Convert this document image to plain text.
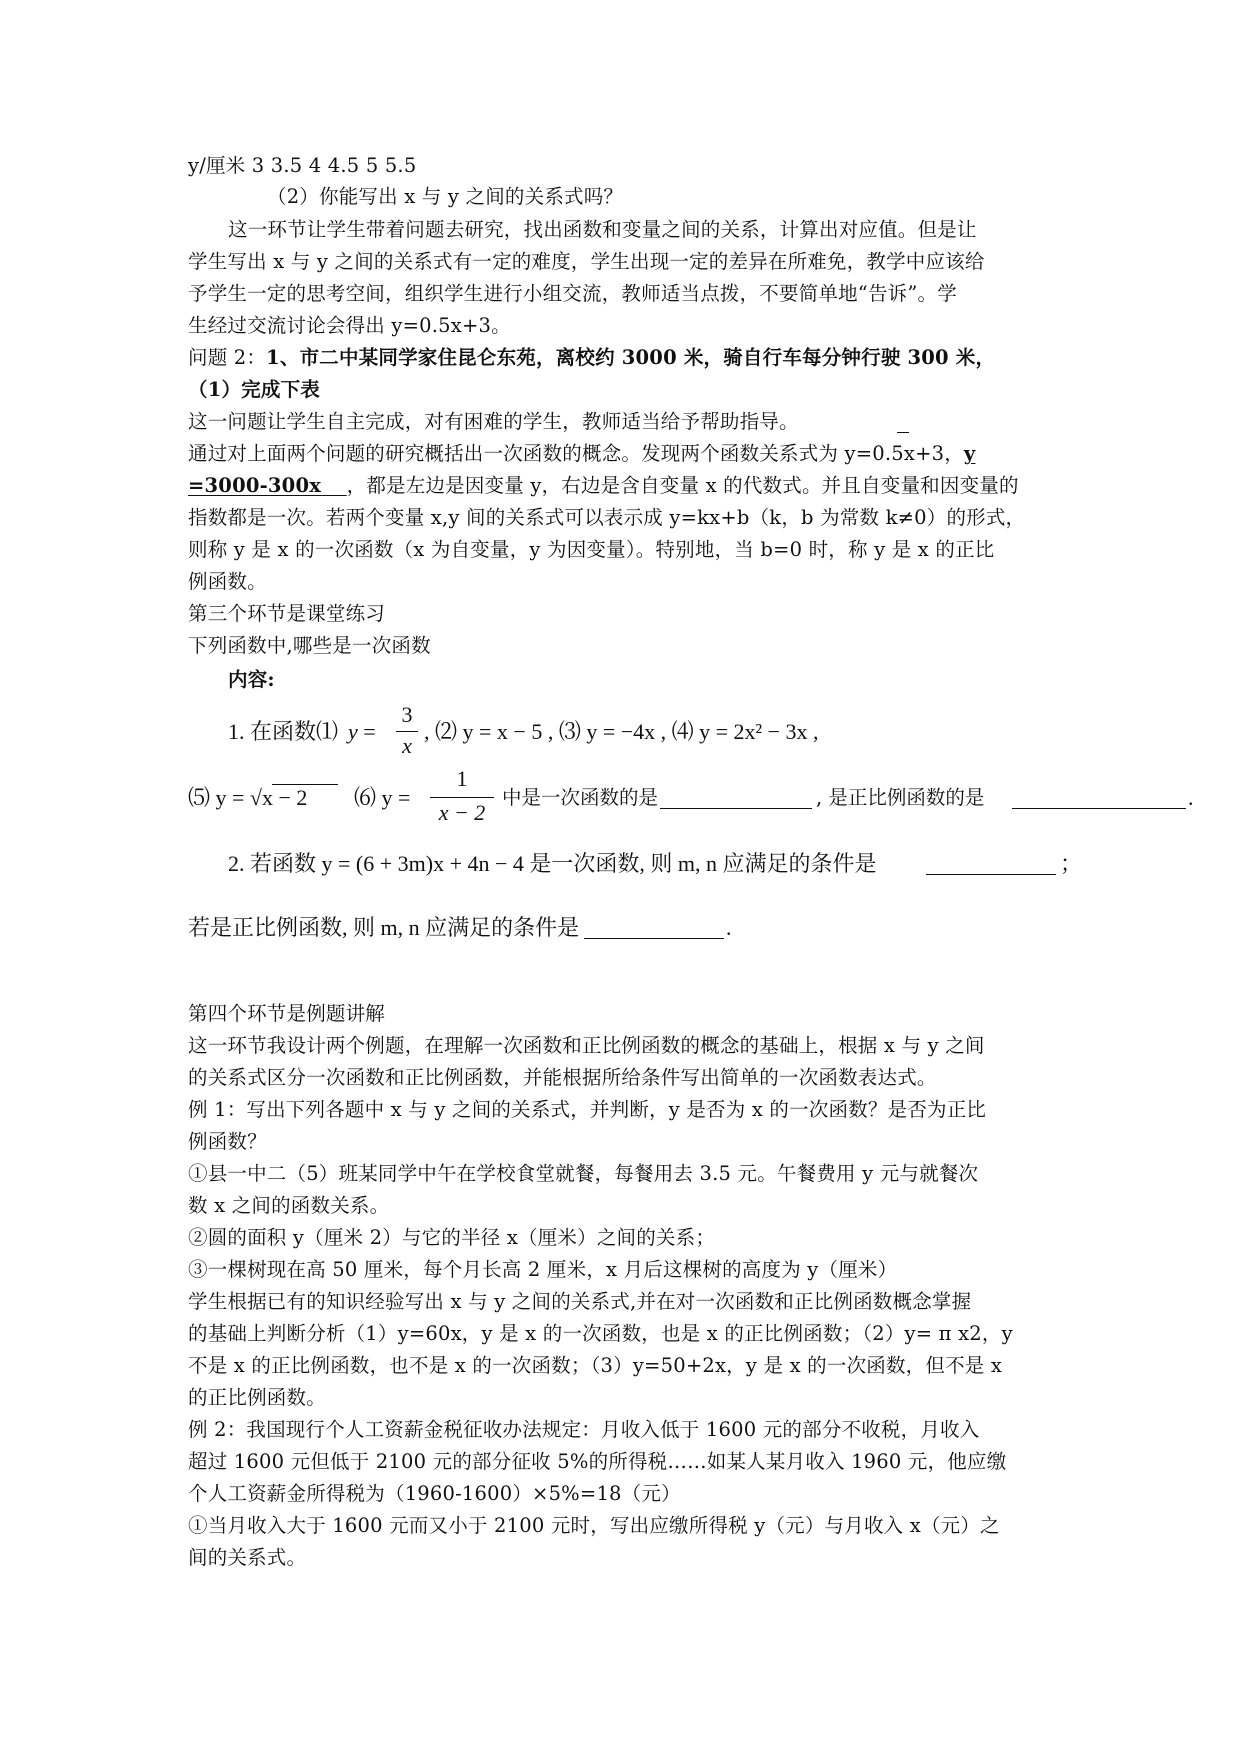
y/厘米 3 3.5 4 4.5 5 5.5
（2）你能写出 x 与 y 之间的关系式吗？
这一环节让学生带着问题去研究，找出函数和变量之间的关系，计算出对应值。但是让
学生写出 x 与 y 之间的关系式有一定的难度，学生出现一定的差异在所难免，教学中应该给
予学生一定的思考空间，组织学生进行小组交流，教师适当点拨，不要简单地“告诉”。学
生经过交流讨论会得出 y=0.5x+3。
问题 2：1、市二中某同学家住昆仑东苑，离校约 3000 米，骑自行车每分钟行驶 300 米，
（1）完成下表
这一问题让学生自主完成，对有困难的学生，教师适当给予帮助指导。
通过对上面两个问题的研究概括出一次函数的概念。发现两个函数关系式为 y=0.5x+3，y
=3000-300x ，都是左边是因变量 y，右边是含自变量 x 的代数式。并且自变量和因变量的
指数都是一次。若两个变量 x,y 间的关系式可以表示成 y=kx+b（k，b 为常数 k≠0）的形式，
则称 y 是 x 的一次函数（x 为自变量，y 为因变量）。特别地，当 b=0 时，称 y 是 x 的正比
例函数。
第三个环节是课堂练习
下列函数中,哪些是一次函数
内容:
1. 在函数⑴ y =
3
x
, ⑵ y = x − 5 , ⑶ y = −4x , ⑷ y = 2x² − 3x ,
⑸ y = √x − 2 ⑹ y =
1
x − 2
中是一次函数的是	, 是正比例函数的是	.
2. 若函数 y = (6 + 3m)x + 4n − 4 是一次函数, 则 m, n 应满足的条件是	；
若是正比例函数, 则 m, n 应满足的条件是	.
第四个环节是例题讲解
这一环节我设计两个例题，在理解一次函数和正比例函数的概念的基础上，根据 x 与 y 之间
的关系式区分一次函数和正比例函数，并能根据所给条件写出简单的一次函数表达式。
例 1：写出下列各题中 x 与 y 之间的关系式，并判断，y 是否为 x 的一次函数？是否为正比
例函数？
①县一中二（5）班某同学中午在学校食堂就餐，每餐用去 3.5 元。午餐费用 y 元与就餐次
数 x 之间的函数关系。
②圆的面积 y（厘米 2）与它的半径 x（厘米）之间的关系；
③一棵树现在高 50 厘米，每个月长高 2 厘米，x 月后这棵树的高度为 y（厘米）
学生根据已有的知识经验写出 x 与 y 之间的关系式,并在对一次函数和正比例函数概念掌握
的基础上判断分析（1）y=60x，y 是 x 的一次函数，也是 x 的正比例函数；（2）y= π x2，y
不是 x 的正比例函数，也不是 x 的一次函数；（3）y=50+2x，y 是 x 的一次函数，但不是 x
的正比例函数。
例 2：我国现行个人工资薪金税征收办法规定：月收入低于 1600 元的部分不收税，月收入
超过 1600 元但低于 2100 元的部分征收 5%的所得税……如某人某月收入 1960 元，他应缴
个人工资薪金所得税为（1960-1600）×5%=18（元）
①当月收入大于 1600 元而又小于 2100 元时，写出应缴所得税 y（元）与月收入 x（元）之
间的关系式。
